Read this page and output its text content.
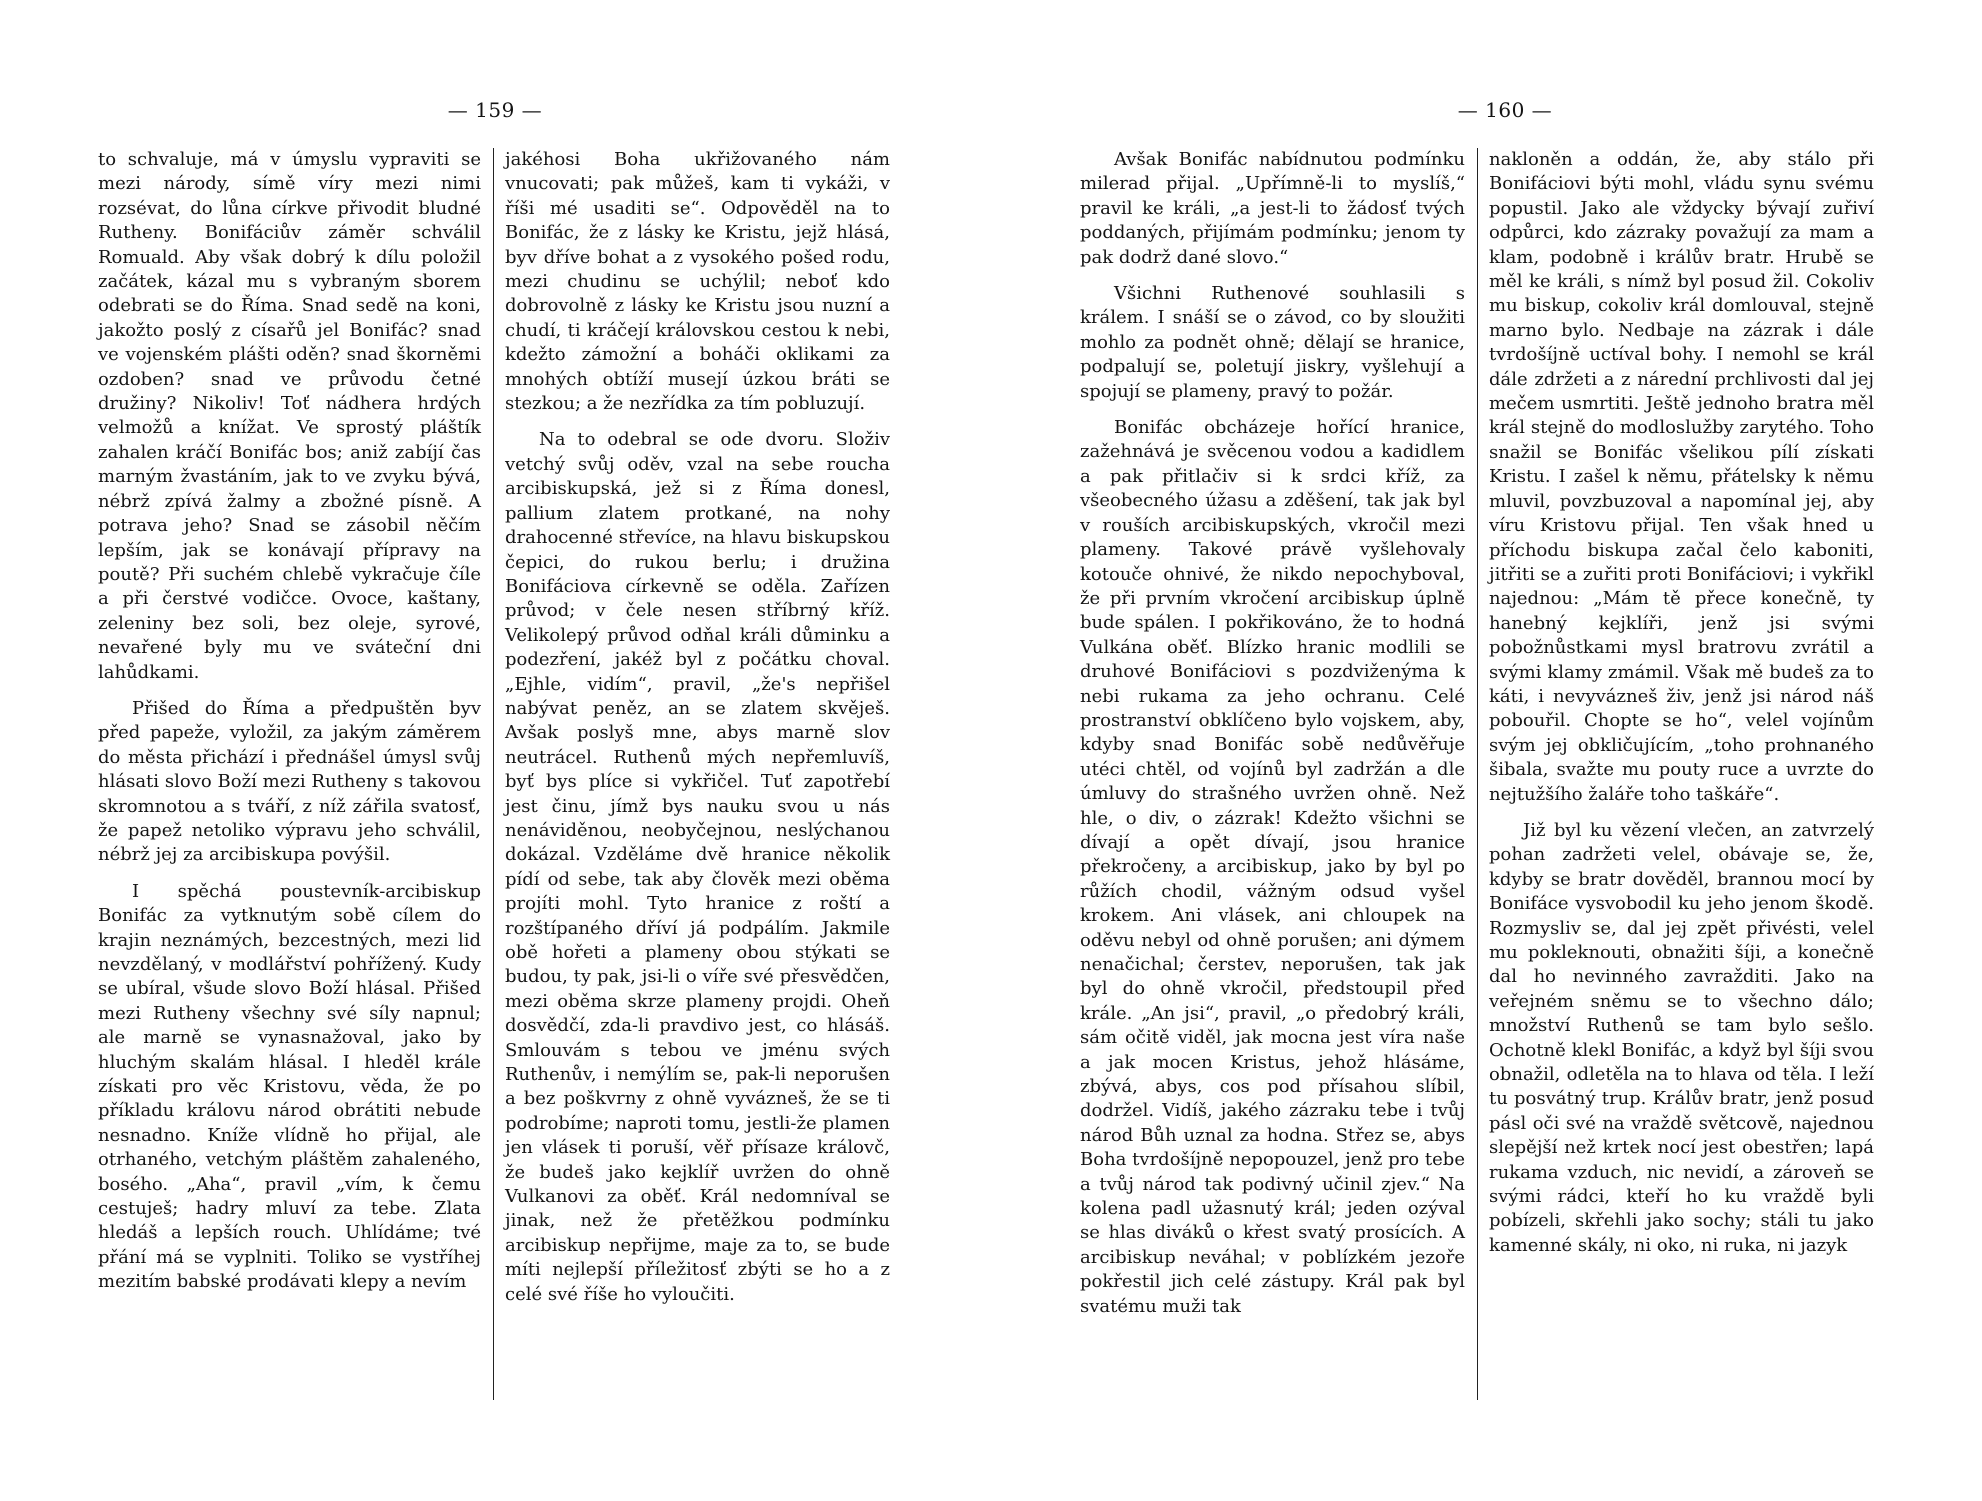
— 159 —

to schvaluje, má v úmyslu vypraviti se mezi národy, símě víry mezi nimi rozsévat, do lůna církve přivodit bludné Rutheny. Bonifáciův záměr schválil Romuald. Aby však dobrý k dílu položil začátek, kázal mu s vybraným sborem odebrati se do Říma. Snad sedě na koni, jakožto poslý z císařů jel Bonifác? snad ve vojenském plášti oděn? snad škorněmi ozdoben? snad ve průvodu četné družiny? Nikoliv! Toť nádhera hrdých velmožů a knížat. Ve sprostý pláštík zahalen kráčí Bonifác bos; aniž zabíjí čas marným žvastáním, jak to ve zvyku bývá, nébrž zpívá žalmy a zbožné písně. A potrava jeho? Snad se zásobil něčím lepším, jak se konávají přípravy na poutě? Při suchém chlebě vykračuje číle a při čerstvé vodičce. Ovoce, kaštany, zeleniny bez soli, bez oleje, syrové, nevařené byly mu ve sváteční dni lahůdkami.

Přišed do Říma a předpuštěn byv před papeže, vyložil, za jakým záměrem do města přichází i přednášel úmysl svůj hlásati slovo Boží mezi Rutheny s takovou skromnotou a s tváří, z níž zářila svatosť, že papež netoliko výpravu jeho schválil, nébrž jej za arcibiskupa povýšil.

I spěchá poustevník-arcibiskup Bonifác za vytknutým sobě cílem do krajin neznámých, bezcestných, mezi lid nevzdělaný, v modlářství pohřížený. Kudy se ubíral, všude slovo Boží hlásal. Přišed mezi Rutheny všechny své síly napnul; ale marně se vynasnažoval, jako by hluchým skalám hlásal. I hleděl krále získati pro věc Kristovu, věda, že po příkladu královu národ obrátiti nebude nesnadno. Kníže vlídně ho přijal, ale otrhaného, vetchým pláštěm zahaleného, bosého. „Aha“, pravil „vím, k čemu cestuješ; hadry mluví za tebe. Zlata hledáš a lepších rouch. Uhlídáme; tvé přání má se vyplniti. Toliko se vystříhej mezitím babské prodávati klepy a nevím

jakéhosi Boha ukřižovaného nám vnucovati; pak můžeš, kam ti vykáži, v říši mé usaditi se“. Odpověděl na to Bonifác, že z lásky ke Kristu, jejž hlásá, byv dříve bohat a z vysokého pošed rodu, mezi chudinu se uchýlil; neboť kdo dobrovolně z lásky ke Kristu jsou nuzní a chudí, ti kráčejí královskou cestou k nebi, kdežto zámožní a boháči oklikami za mnohých obtíží musejí úzkou bráti se stezkou; a že nezřídka za tím pobluzují.

Na to odebral se ode dvoru. Složiv vetchý svůj oděv, vzal na sebe roucha arcibiskupská, jež si z Říma donesl, pallium zlatem protkané, na nohy drahocenné střevíce, na hlavu biskupskou čepici, do rukou berlu; i družina Bonifáciova církevně se oděla. Zařízen průvod; v čele nesen stříbrný kříž. Velikolepý průvod odňal králi důminku a podezření, jakéž byl z počátku choval. „Ejhle, vidím“, pravil, „že's nepřišel nabývat peněz, an se zlatem skvěješ. Avšak poslyš mne, abys marně slov neutrácel. Ruthenů mých nepřemluvíš, byť bys plíce si vykřičel. Tuť zapotřebí jest činu, jímž bys nauku svou u nás nenáviděnou, neobyčejnou, neslýchanou dokázal. Vzděláme dvě hranice několik pídí od sebe, tak aby člověk mezi oběma projíti mohl. Tyto hranice z roští a rozštípaného dříví já podpálím. Jakmile obě hořeti a plameny obou stýkati se budou, ty pak, jsi-li o víře své přesvědčen, mezi oběma skrze plameny projdi. Oheň dosvědčí, zda-li pravdivo jest, co hlásáš. Smlouvám s tebou ve jménu svých Ruthenův, i nemýlím se, pak-li neporušen a bez poškvrny z ohně vyvázneš, že se ti podrobíme; naproti tomu, jestli-že plamen jen vlásek ti poruší, věř přísaze královč, že budeš jako kejklíř uvržen do ohně Vulkanovi za oběť. Král nedomníval se jinak, než že přetěžkou podmínku arcibiskup nepřijme, maje za to, se bude míti nejlepší příležitosť zbýti se ho a z celé své říše ho vyloučiti.

— 160 —

Avšak Bonifác nabídnutou podmínku milerad přijal. „Upřímně-li to myslíš,“ pravil ke králi, „a jest-li to žádosť tvých poddaných, přijímám podmínku; jenom ty pak dodrž dané slovo.“

Všichni Ruthenové souhlasili s králem. I snáší se o závod, co by sloužiti mohlo za podnět ohně; dělají se hranice, podpalují se, poletují jiskry, vyšlehují a spojují se plameny, pravý to požár.

Bonifác obcházeje hořící hranice, zažehnává je svěcenou vodou a kadidlem a pak přitlačiv si k srdci kříž, za všeobecného úžasu a zděšení, tak jak byl v rouších arcibiskupských, vkročil mezi plameny. Takové právě vyšlehovaly kotouče ohnivé, že nikdo nepochyboval, že při prvním vkročení arcibiskup úplně bude spálen. I pokřikováno, že to hodná Vulkána oběť. Blízko hranic modlili se druhové Bonifáciovi s pozdviženýma k nebi rukama za jeho ochranu. Celé prostranství obklíčeno bylo vojskem, aby, kdyby snad Bonifác sobě nedůvěřuje utéci chtěl, od vojínů byl zadržán a dle úmluvy do strašného uvržen ohně. Než hle, o div, o zázrak! Kdežto všichni se dívají a opět dívají, jsou hranice překročeny, a arcibiskup, jako by byl po růžích chodil, vážným odsud vyšel krokem. Ani vlásek, ani chloupek na oděvu nebyl od ohně porušen; ani dýmem nenačichal; čerstev, neporušen, tak jak byl do ohně vkročil, předstoupil před krále. „An jsi“, pravil, „o předobrý králi, sám očitě viděl, jak mocna jest víra naše a jak mocen Kristus, jehož hlásáme, zbývá, abys, cos pod přísahou slíbil, dodržel. Vidíš, jakého zázraku tebe i tvůj národ Bůh uznal za hodna. Střez se, abys Boha tvrdošíjně nepopouzel, jenž pro tebe a tvůj národ tak podivný učinil zjev.“ Na kolena padl užasnutý král; jeden ozýval se hlas diváků o křest svatý prosících. A arcibiskup neváhal; v poblízkém jezoře pokřestil jich celé zástupy. Král pak byl svatému muži tak

nakloněn a oddán, že, aby stálo při Bonifáciovi býti mohl, vládu synu svému popustil. Jako ale vždycky bývají zuřiví odpůrci, kdo zázraky považují za mam a klam, podobně i králův bratr. Hrubě se měl ke králi, s nímž byl posud žil. Cokoliv mu biskup, cokoliv král domlouval, stejně marno bylo. Nedbaje na zázrak i dále tvrdošíjně uctíval bohy. I nemohl se král dále zdržeti a z nárední prchlivosti dal jej mečem usmrtiti. Ještě jednoho bratra měl král stejně do modloslužby zarytého. Toho snažil se Bonifác všelikou pílí získati Kristu. I zašel k němu, přátelsky k němu mluvil, povzbuzoval a napomínal jej, aby víru Kristovu přijal. Ten však hned u příchodu biskupa začal čelo kaboniti, jitřiti se a zuřiti proti Bonifáciovi; i vykřikl najednou: „Mám tě přece konečně, ty hanebný kejklíři, jenž jsi svými pobožnůstkami mysl bratrovu zvrátil a svými klamy zmámil. Však mě budeš za to káti, i nevyvázneš živ, jenž jsi národ náš pobouřil. Chopte se ho“, velel vojínům svým jej obkličujícím, „toho prohnaného šibala, svažte mu pouty ruce a uvrzte do nejtužšího žaláře toho taškáře“.

Již byl ku vězení vlečen, an zatvrzelý pohan zadržeti velel, obávaje se, že, kdyby se bratr dověděl, brannou mocí by Bonifáce vysvobodil ku jeho jenom škodě. Rozmysliv se, dal jej zpět přivésti, velel mu pokleknouti, obnažiti šíji, a konečně dal ho nevinného zavražditi. Jako na veřejném sněmu se to všechno dálo; množství Ruthenů se tam bylo sešlo. Ochotně klekl Bonifác, a když byl šíji svou obnažil, odletěla na to hlava od těla. I leží tu posvátný trup. Králův bratr, jenž posud pásl oči své na vraždě světcově, najednou slepější než krtek nocí jest obestřen; lapá rukama vzduch, nic nevidí, a zároveň se svými rádci, kteří ho ku vraždě byli pobízeli, skřehli jako sochy; stáli tu jako kamenné skály, ni oko, ni ruka, ni jazyk
